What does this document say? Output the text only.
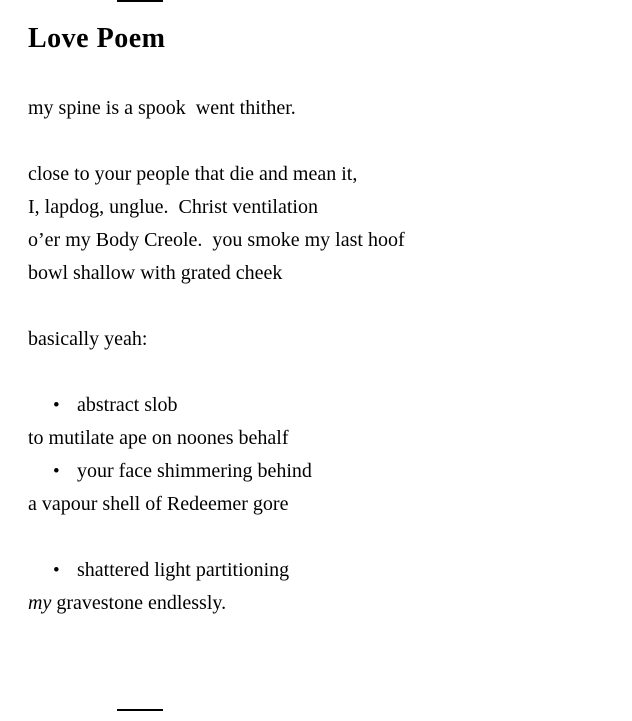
Love Poem
my spine is a spook  went thither.
close to your people that die and mean it,
I, lapdog, unglue.  Christ ventilation
o’er my Body Creole.  you smoke my last hoof
bowl shallow with grated cheek
basically yeah:
• abstract slob
to mutilate ape on noones behalf
• your face shimmering behind
a vapour shell of Redeemer gore
• shattered light partitioning
my gravestone endlessly.
